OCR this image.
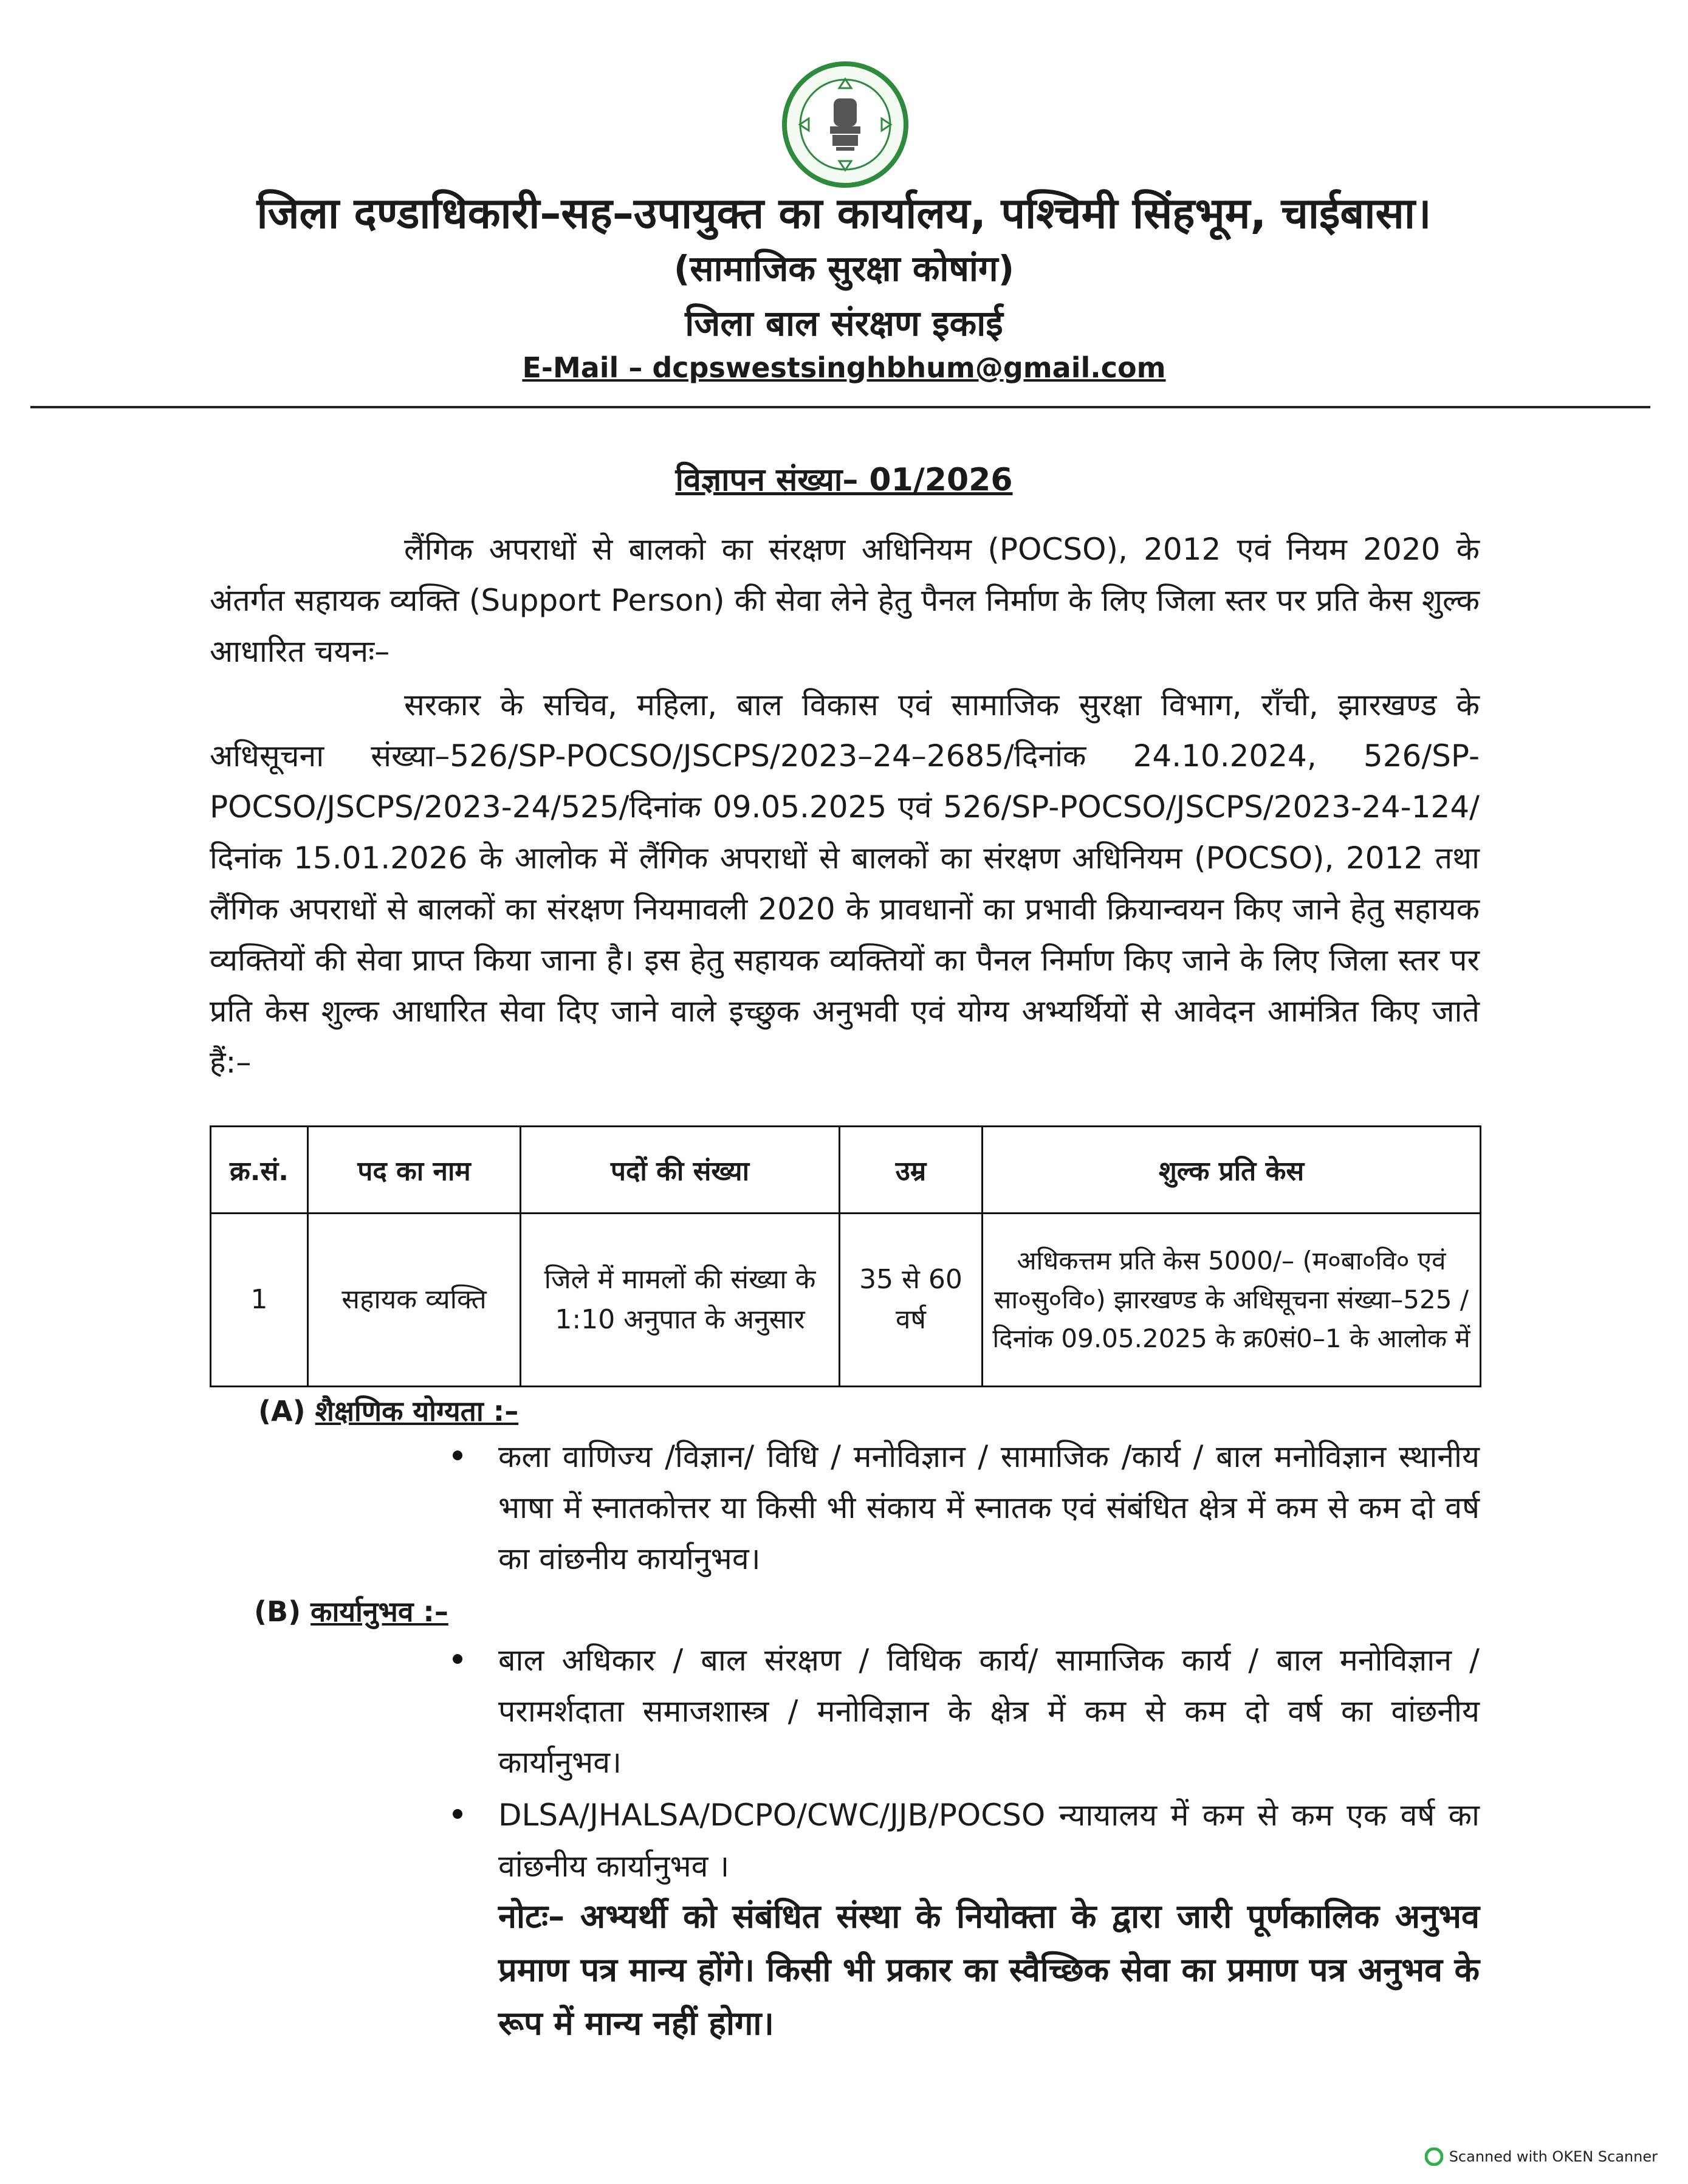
जिला दण्डाधिकारी–सह–उपायुक्त का कार्यालय, पश्चिमी सिंहभूम, चाईबासा।
(सामाजिक सुरक्षा कोषांग)
जिला बाल संरक्षण इकाई
E-Mail – dcpswestsinghbhum@gmail.com
विज्ञापन संख्या– 01/2026
लैंगिक अपराधों से बालको का संरक्षण अधिनियम (POCSO), 2012 एवं नियम 2020 के अंतर्गत सहायक व्यक्ति (Support Person) की सेवा लेने हेतु पैनल निर्माण के लिए जिला स्तर पर प्रति केस शुल्क आधारित चयनः–
सरकार के सचिव, महिला, बाल विकास एवं सामाजिक सुरक्षा विभाग, राँची, झारखण्ड के अधिसूचना संख्या–526/SP-POCSO/JSCPS/2023–24–2685/दिनांक 24.10.2024, 526/SP-POCSO/JSCPS/2023-24/525/दिनांक 09.05.2025 एवं 526/SP-POCSO/JSCPS/2023-24-124/ दिनांक 15.01.2026 के आलोक में लैंगिक अपराधों से बालकों का संरक्षण अधिनियम (POCSO), 2012 तथा लैंगिक अपराधों से बालकों का संरक्षण नियमावली 2020 के प्रावधानों का प्रभावी क्रियान्वयन किए जाने हेतु सहायक व्यक्तियों की सेवा प्राप्त किया जाना है। इस हेतु सहायक व्यक्तियों का पैनल निर्माण किए जाने के लिए जिला स्तर पर प्रति केस शुल्क आधारित सेवा दिए जाने वाले इच्छुक अनुभवी एवं योग्य अभ्यर्थियों से आवेदन आमंत्रित किए जाते हैं:–
क्र.सं.	पद का नाम	पदों की संख्या	उम्र	शुल्क प्रति केस
1	सहायक व्यक्ति	जिले में मामलों की संख्या के 1:10 अनुपात के अनुसार	35 से 60 वर्ष	अधिकत्तम प्रति केस 5000/– (म०बा०वि० एवं सा०सु०वि०) झारखण्ड के अधिसूचना संख्या–525 / दिनांक 09.05.2025 के क्र0सं0–1 के आलोक में
(A) शैक्षणिक योग्यता :–
कला वाणिज्य /विज्ञान/ विधि / मनोविज्ञान / सामाजिक /कार्य / बाल मनोविज्ञान स्थानीय भाषा में स्नातकोत्तर या किसी भी संकाय में स्नातक एवं संबंधित क्षेत्र में कम से कम दो वर्ष का वांछनीय कार्यानुभव।
(B) कार्यानुभव :–
बाल अधिकार / बाल संरक्षण / विधिक कार्य/ सामाजिक कार्य / बाल मनोविज्ञान / परामर्शदाता समाजशास्त्र / मनोविज्ञान के क्षेत्र में कम से कम दो वर्ष का वांछनीय कार्यानुभव।
DLSA/JHALSA/DCPO/CWC/JJB/POCSO न्यायालय में कम से कम एक वर्ष का वांछनीय कार्यानुभव ।
नोटः– अभ्यर्थी को संबंधित संस्था के नियोक्ता के द्वारा जारी पूर्णकालिक अनुभव प्रमाण पत्र मान्य होंगे। किसी भी प्रकार का स्वैच्छिक सेवा का प्रमाण पत्र अनुभव के रूप में मान्य नहीं होगा।
Scanned with OKEN Scanner
